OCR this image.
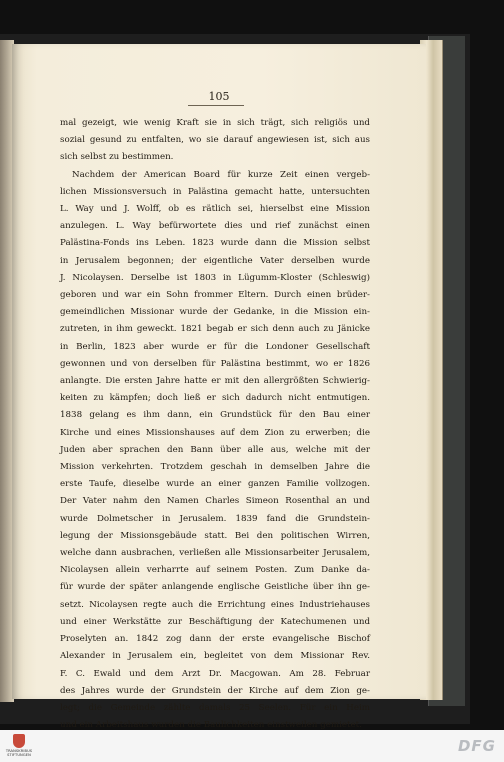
105
mal gezeigt, wie wenig Kraft sie in sich trägt, sich religiös und
sozial gesund zu entfalten, wo sie darauf angewiesen ist, sich aus
sich selbst zu bestimmen.
Nachdem der American Board für kurze Zeit einen vergeb-
lichen Missionsversuch in Palästina gemacht hatte, untersuchten
L. Way und J. Wolff, ob es rätlich sei, hierselbst eine Mission
anzulegen. L. Way befürwortete dies und rief zunächst einen
Palästina-Fonds ins Leben. 1823 wurde dann die Mission selbst
in Jerusalem begonnen; der eigentliche Vater derselben wurde
J. Nicolaysen. Derselbe ist 1803 in Lügumm-Kloster (Schleswig)
geboren und war ein Sohn frommer Eltern. Durch einen brüder-
gemeindlichen Missionar wurde der Gedanke, in die Mission ein-
zutreten, in ihm geweckt. 1821 begab er sich denn auch zu Jänicke
in Berlin, 1823 aber wurde er für die Londoner Gesellschaft
gewonnen und von derselben für Palästina bestimmt, wo er 1826
anlangte. Die ersten Jahre hatte er mit den allergrößten Schwierig-
keiten zu kämpfen; doch ließ er sich dadurch nicht entmutigen.
1838 gelang es ihm dann, ein Grundstück für den Bau einer
Kirche und eines Missionshauses auf dem Zion zu erwerben; die
Juden aber sprachen den Bann über alle aus, welche mit der
Mission verkehrten. Trotzdem geschah in demselben Jahre die
erste Taufe, dieselbe wurde an einer ganzen Familie vollzogen.
Der Vater nahm den Namen Charles Simeon Rosenthal an und
wurde Dolmetscher in Jerusalem. 1839 fand die Grundstein-
legung der Missionsgebäude statt. Bei den politischen Wirren,
welche dann ausbrachen, verließen alle Missionsarbeiter Jerusalem,
Nicolaysen allein verharrte auf seinem Posten. Zum Danke da-
für wurde der später anlangende englische Geistliche über ihn ge-
setzt. Nicolaysen regte auch die Errichtung eines Industriehauses
und einer Werkstätte zur Beschäftigung der Katechumenen und
Proselyten an. 1842 zog dann der erste evangelische Bischof
Alexander in Jerusalem ein, begleitet von dem Missionar Rev.
F. C. Ewald und dem Arzt Dr. Macgowan. Am 28. Februar
des Jahres wurde der Grundstein der Kirche auf dem Zion ge-
legt; die Gemeinde zählte damals 25 Seelen. Für ein Heim
und ein Arbeitshaus wurden die Baulichkeiten einstweilen gemietet.
TRANSKRIBUS STIFTUNGEN	DFG
